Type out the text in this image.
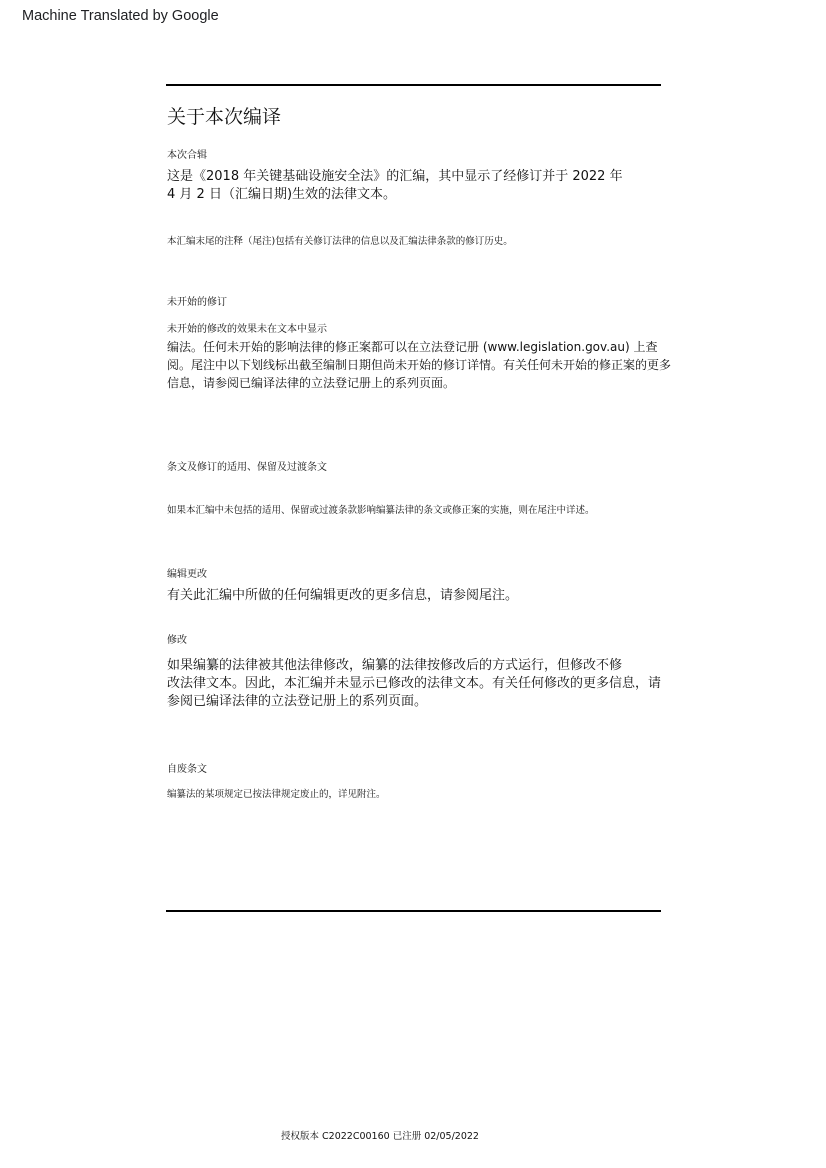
Machine Translated by Google
关于本次编译
本次合辑
这是《2018 年关键基础设施安全法》的汇编，其中显示了经修订并于 2022 年
4 月 2 日（汇编日期)生效的法律文本。
本汇编末尾的注释（尾注)包括有关修订法律的信息以及汇编法律条款的修订历史。
未开始的修订
未开始的修改的效果未在文本中显示
编法。任何未开始的影响法律的修正案都可以在立法登记册 (www.legislation.gov.au) 上查
阅。尾注中以下划线标出截至编制日期但尚未开始的修订详情。有关任何未开始的修正案的更多
信息，请参阅已编译法律的立法登记册上的系列页面。
条文及修订的适用、保留及过渡条文
如果本汇编中未包括的适用、保留或过渡条款影响编纂法律的条文或修正案的实施，则在尾注中详述。
编辑更改
有关此汇编中所做的任何编辑更改的更多信息，请参阅尾注。
修改
如果编纂的法律被其他法律修改，编纂的法律按修改后的方式运行，但修改不修
改法律文本。因此，本汇编并未显示已修改的法律文本。有关任何修改的更多信息，请
参阅已编译法律的立法登记册上的系列页面。
自废条文
编纂法的某项规定已按法律规定废止的，详见附注。
授权版本 C2022C00160 已注册 02/05/2022
